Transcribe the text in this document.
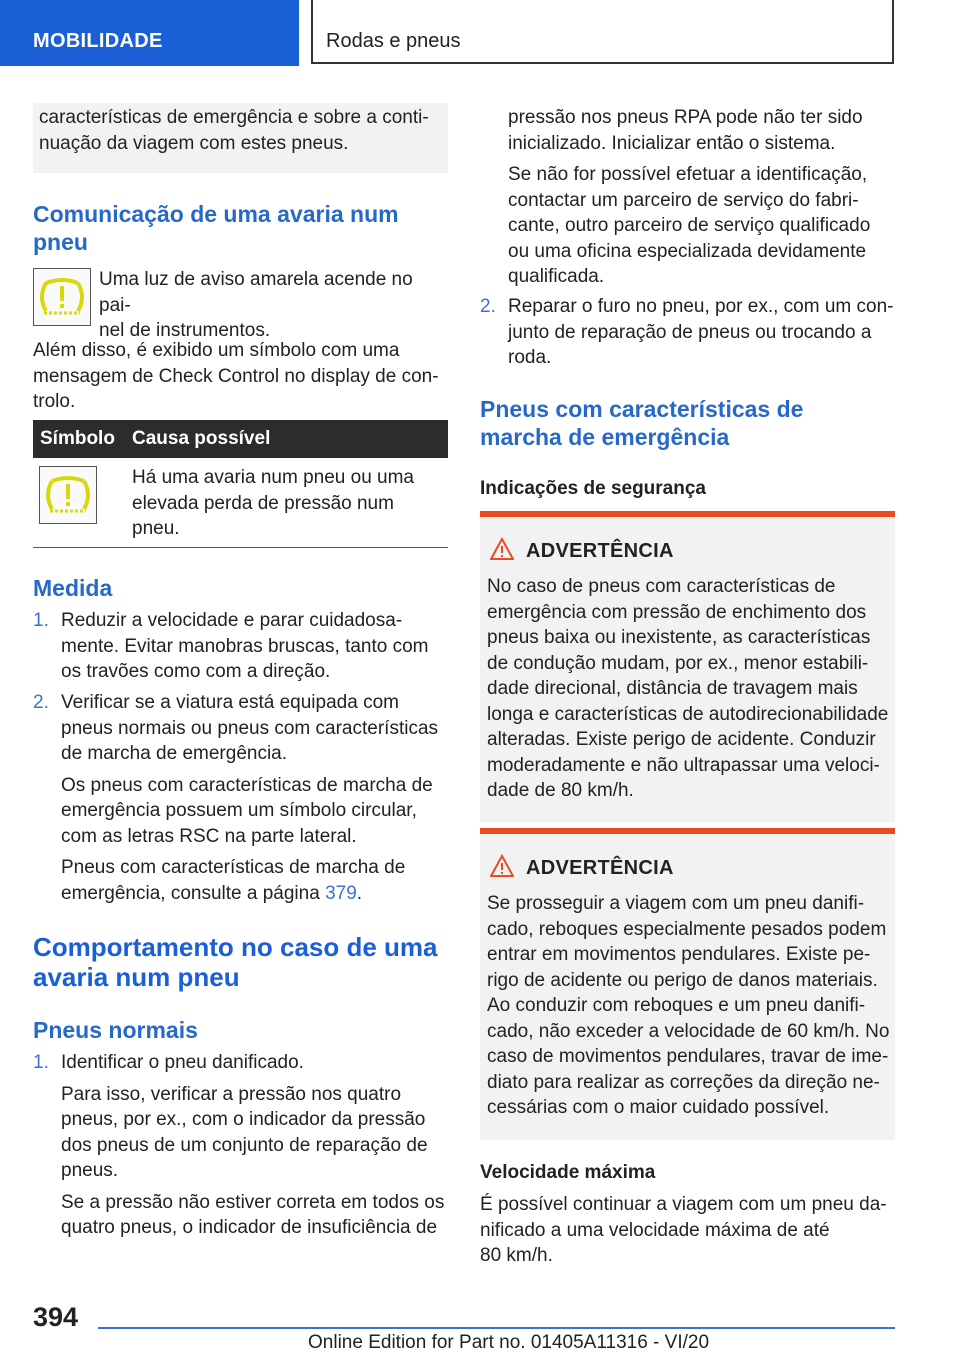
MOBILIDADE	Rodas e pneus
características de emergência e sobre a conti-
nuação da viagem com estes pneus.
Comunicação de uma avaria num
pneu
Uma luz de aviso amarela acende no pai-
nel de instrumentos.
Além disso, é exibido um símbolo com uma
mensagem de Check Control no display de con-
trolo.
Símbolo Causa possível
Há uma avaria num pneu ou uma
elevada perda de pressão num
pneu.
Medida
1. Reduzir a velocidade e parar cuidadosa-
mente. Evitar manobras bruscas, tanto com
os travões como com a direção.
2. Verificar se a viatura está equipada com
pneus normais ou pneus com características
de marcha de emergência.
Os pneus com características de marcha de
emergência possuem um símbolo circular,
com as letras RSC na parte lateral.
Pneus com características de marcha de
emergência, consulte a página 379.
Comportamento no caso de uma
avaria num pneu
Pneus normais
1. Identificar o pneu danificado.
Para isso, verificar a pressão nos quatro
pneus, por ex., com o indicador da pressão
dos pneus de um conjunto de reparação de
pneus.
Se a pressão não estiver correta em todos os
quatro pneus, o indicador de insuficiência de
pressão nos pneus RPA pode não ter sido
inicializado. Inicializar então o sistema.
Se não for possível efetuar a identificação,
contactar um parceiro de serviço do fabri-
cante, outro parceiro de serviço qualificado
ou uma oficina especializada devidamente
qualificada.
2. Reparar o furo no pneu, por ex., com um con-
junto de reparação de pneus ou trocando a
roda.
Pneus com características de
marcha de emergência
Indicações de segurança
ADVERTÊNCIA
No caso de pneus com características de
emergência com pressão de enchimento dos
pneus baixa ou inexistente, as características
de condução mudam, por ex., menor estabili-
dade direcional, distância de travagem mais
longa e características de autodirecionabilidade
alteradas. Existe perigo de acidente. Conduzir
moderadamente e não ultrapassar uma veloci-
dade de 80 km/h.
ADVERTÊNCIA
Se prosseguir a viagem com um pneu danifi-
cado, reboques especialmente pesados podem
entrar em movimentos pendulares. Existe pe-
rigo de acidente ou perigo de danos materiais.
Ao conduzir com reboques e um pneu danifi-
cado, não exceder a velocidade de 60 km/h. No
caso de movimentos pendulares, travar de ime-
diato para realizar as correções da direção ne-
cessárias com o maior cuidado possível.
Velocidade máxima
É possível continuar a viagem com um pneu da-
nificado a uma velocidade máxima de até
80 km/h.
394
Online Edition for Part no. 01405A11316 - VI/20
